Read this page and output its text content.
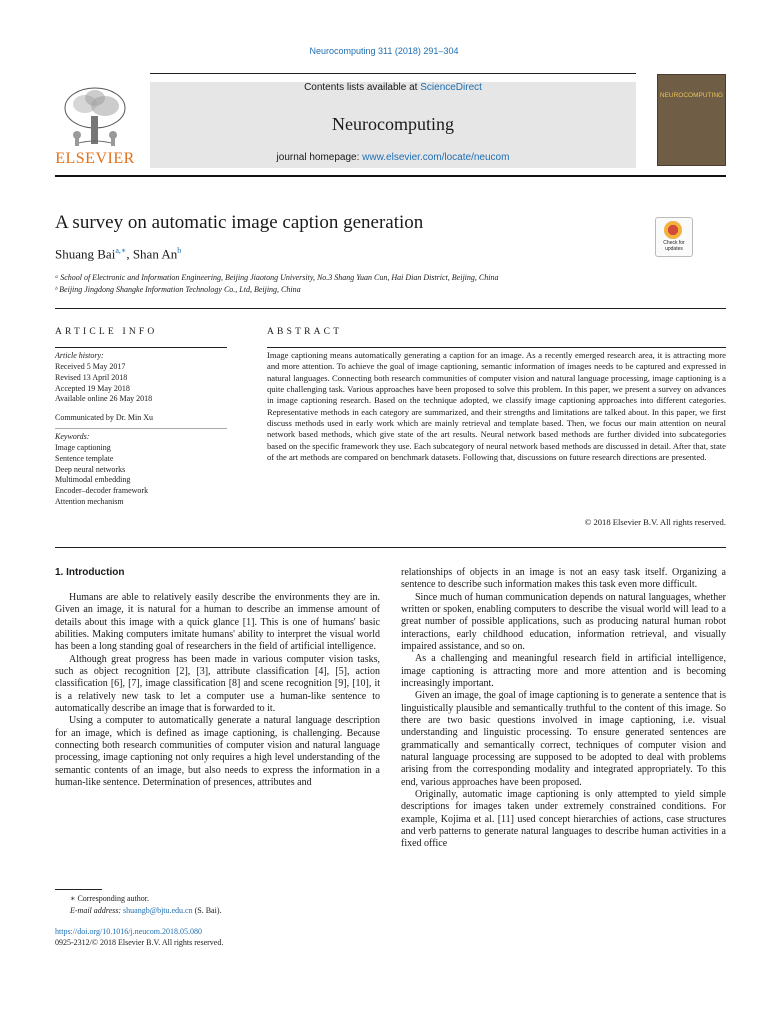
Neurocomputing 311 (2018) 291–304
Contents lists available at ScienceDirect
Neurocomputing
journal homepage: www.elsevier.com/locate/neucom
ELSEVIER
NEUROCOMPUTING
A survey on automatic image caption generation
Shuang Bai$^{a,∗}$, Shan An$^b$
Check for updates
ᵃ School of Electronic and Information Engineering, Beijing Jiaotong University, No.3 Shang Yuan Cun, Hai Dian District, Beijing, China
ᵇ Beijing Jingdong Shangke Information Technology Co., Ltd, Beijing, China
ARTICLE INFO
Article history:
Received 5 May 2017
Revised 13 April 2018
Accepted 19 May 2018
Available online 26 May 2018
Communicated by Dr. Min Xu
Keywords:
Image captioning
Sentence template
Deep neural networks
Multimodal embedding
Encoder–decoder framework
Attention mechanism
ABSTRACT
Image captioning means automatically generating a caption for an image. As a recently emerged research area, it is attracting more and more attention. To achieve the goal of image captioning, semantic information of images needs to be captured and expressed in natural languages. Connecting both research communities of computer vision and natural language processing, image captioning is a quite challenging task. Various approaches have been proposed to solve this problem. In this paper, we present a survey on advances in image captioning research. Based on the technique adopted, we classify image captioning approaches into different categories. Representative methods in each category are summarized, and their strengths and limitations are talked about. In this paper, we first discuss methods used in early work which are mainly retrieval and template based. Then, we focus our main attention on neural network based methods, which give state of the art results. Neural network based methods are further divided into subcategories based on the specific framework they use. Each subcategory of neural network based methods are discussed in detail. After that, state of the art methods are compared on benchmark datasets. Following that, discussions on future research directions are presented.
© 2018 Elsevier B.V. All rights reserved.
1. Introduction

Humans are able to relatively easily describe the environments they are in. Given an image, it is natural for a human to describe an immense amount of details about this image with a quick glance [1]. This is one of humans' basic abilities. Making computers imitate humans' ability to interpret the visual world has been a long standing goal of researchers in the field of artificial intelligence.

Although great progress has been made in various computer vision tasks, such as object recognition [2], [3], attribute classification [4], [5], action classification [6], [7], image classification [8] and scene recognition [9], [10], it is a relatively new task to let a computer use a human-like sentence to automatically describe an image that is forwarded to it.

Using a computer to automatically generate a natural language description for an image, which is defined as image captioning, is challenging. Because connecting both research communities of computer vision and natural language processing, image captioning not only requires a high level understanding of the semantic contents of an image, but also needs to express the information in a human-like sentence. Determination of presences, attributes and

relationships of objects in an image is not an easy task itself. Organizing a sentence to describe such information makes this task even more difficult.

Since much of human communication depends on natural languages, whether written or spoken, enabling computers to describe the visual world will lead to a great number of possible applications, such as producing natural human robot interactions, early childhood education, information retrieval, and visually impaired assistance, and so on.

As a challenging and meaningful research field in artificial intelligence, image captioning is attracting more and more attention and is becoming increasingly important.

Given an image, the goal of image captioning is to generate a sentence that is linguistically plausible and semantically truthful to the content of this image. So there are two basic questions involved in image captioning, i.e. visual understanding and linguistic processing. To ensure generated sentences are grammatically and semantically correct, techniques of computer vision and natural language processing are supposed to be adopted to deal with problems arising from the corresponding modality and integrated appropriately. To this end, various approaches have been proposed.

Originally, automatic image captioning is only attempted to yield simple descriptions for images taken under extremely constrained conditions. For example, Kojima et al. [11] used concept hierarchies of actions, case structures and verb patterns to generate natural languages to describe human activities in a fixed office

∗ Corresponding author.
E-mail address: shuangb@bjtu.edu.cn (S. Bai).
https://doi.org/10.1016/j.neucom.2018.05.080
0925-2312/© 2018 Elsevier B.V. All rights reserved.
